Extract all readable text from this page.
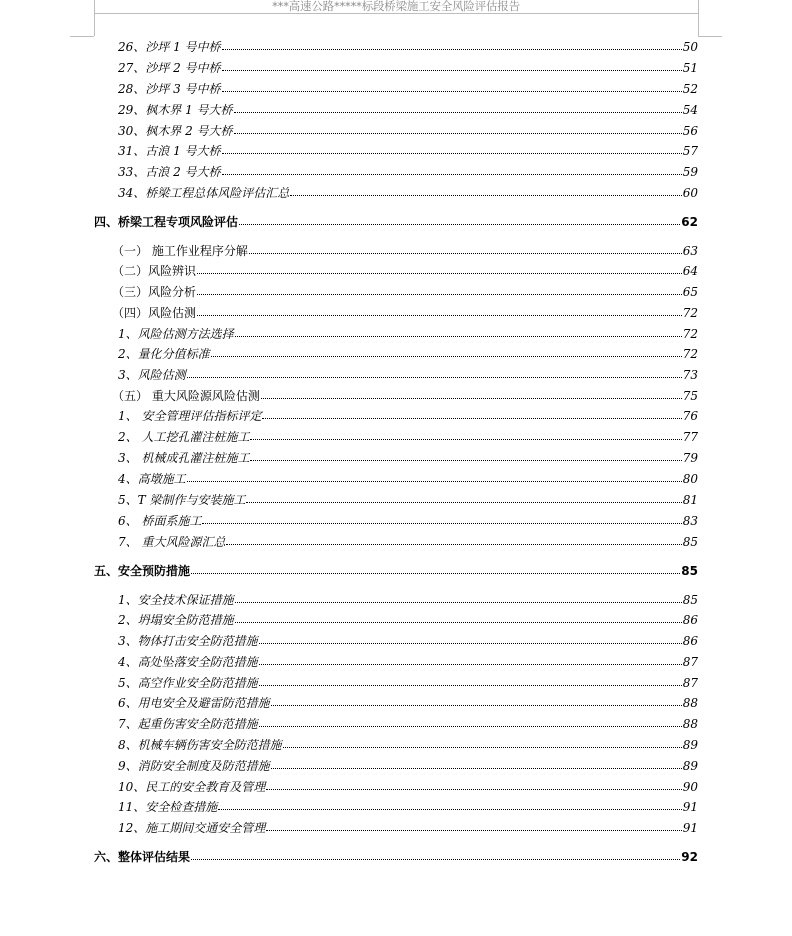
***高速公路*****标段桥梁施工安全风险评估报告
26、沙坪 1 号中桥	50
27、沙坪 2 号中桥	51
28、沙坪 3 号中桥	52
29、枫木界 1 号大桥	54
30、枫木界 2 号大桥	56
31、古浪 1 号大桥	57
33、古浪 2 号大桥	59
34、桥梁工程总体风险评估汇总	60
四、桥梁工程专项风险评估	62
（一） 施工作业程序分解	63
（二）风险辨识	64
（三）风险分析	65
（四）风险估测	72
1、风险估测方法选择	72
2、量化分值标准	72
3、风险估测	73
（五） 重大风险源风险估测	75
1、 安全管理评估指标评定	76
2、 人工挖孔灌注桩施工	77
3、 机械成孔灌注桩施工	79
4、高墩施工	80
5、T 梁制作与安装施工	81
6、 桥面系施工	83
7、 重大风险源汇总	85
五、安全预防措施	85
1、安全技术保证措施	85
2、坍塌安全防范措施	86
3、物体打击安全防范措施	86
4、高处坠落安全防范措施	87
5、高空作业安全防范措施	87
6、用电安全及避雷防范措施	88
7、起重伤害安全防范措施	88
8、机械车辆伤害安全防范措施	89
9、消防安全制度及防范措施	89
10、民工的安全教育及管理	90
11、安全检查措施	91
12、施工期间交通安全管理	91
六、整体评估结果	92
